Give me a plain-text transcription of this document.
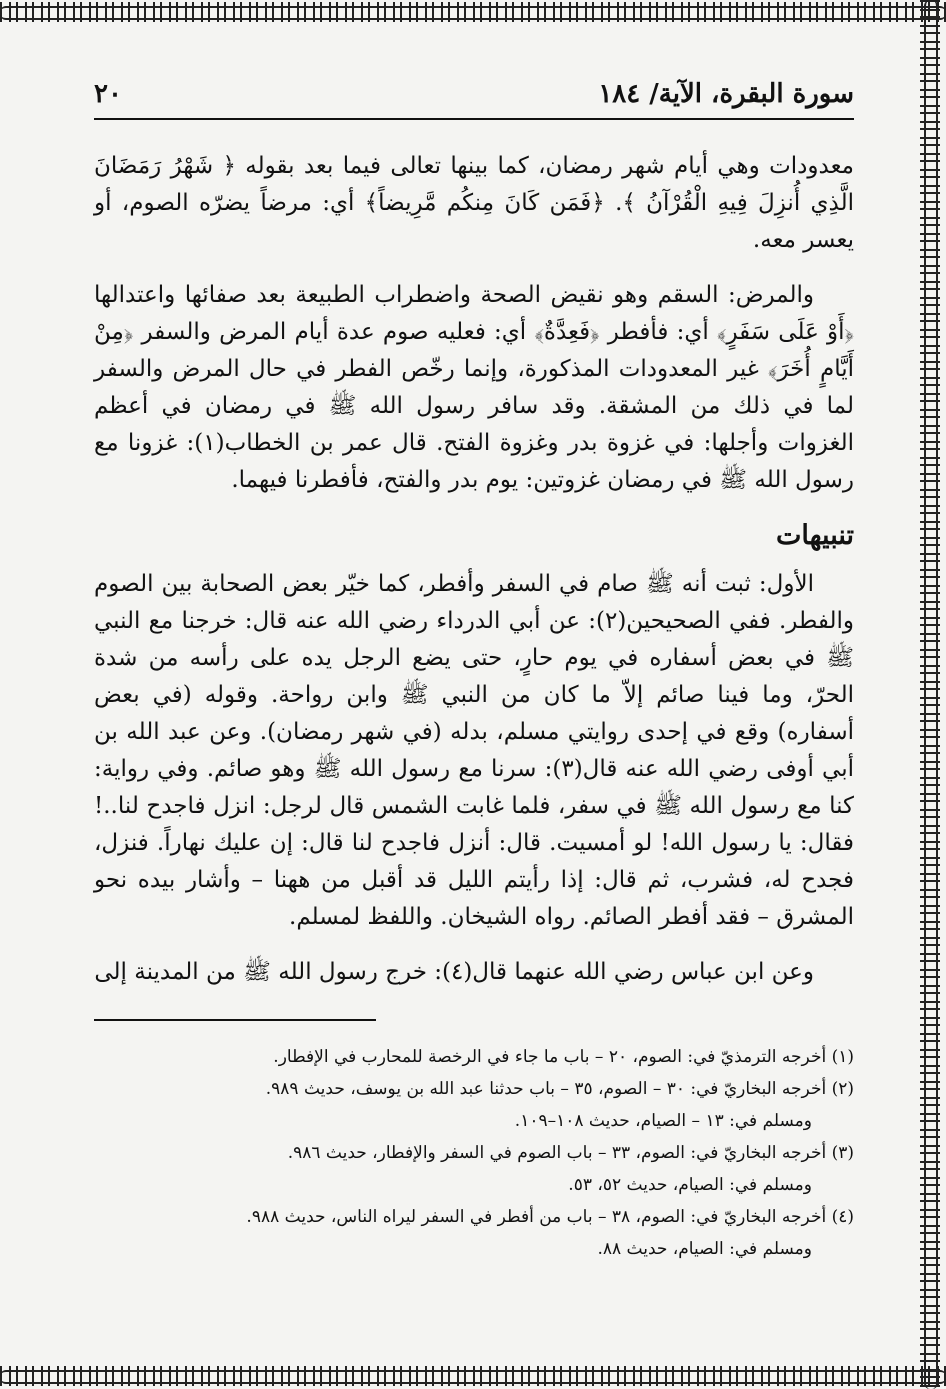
سورة البقرة، الآية/ ١٨٤
٢٠

معدودات وهي أيام شهر رمضان، كما بينها تعالى فيما بعد بقوله ﴿ شَهْرُ رَمَضَانَ الَّذِي أُنزِلَ فِيهِ الْقُرْآنُ ﴾. ﴿فَمَن كَانَ مِنكُم مَّرِيضاً﴾ أي: مرضاً يضرّه الصوم، أو يعسر معه.

والمرض: السقم وهو نقيض الصحة واضطراب الطبيعة بعد صفائها واعتدالها ﴿أَوْ عَلَى سَفَرٍ﴾ أي: فأفطر ﴿فَعِدَّةٌ﴾ أي: فعليه صوم عدة أيام المرض والسفر ﴿مِنْ أَيَّامٍ أُخَرَ﴾ غير المعدودات المذكورة، وإنما رخّص الفطر في حال المرض والسفر لما في ذلك من المشقة. وقد سافر رسول الله ﷺ في رمضان في أعظم الغزوات وأجلها: في غزوة بدر وغزوة الفتح. قال عمر بن الخطاب(١): غزونا مع رسول الله ﷺ في رمضان غزوتين: يوم بدر والفتح، فأفطرنا فيهما.

تنبيهات

الأول: ثبت أنه ﷺ صام في السفر وأفطر، كما خيّر بعض الصحابة بين الصوم والفطر. ففي الصحيحين(٢): عن أبي الدرداء رضي الله عنه قال: خرجنا مع النبي ﷺ في بعض أسفاره في يوم حارٍ، حتى يضع الرجل يده على رأسه من شدة الحرّ، وما فينا صائم إلاّ ما كان من النبي ﷺ وابن رواحة. وقوله (في بعض أسفاره) وقع في إحدى روايتي مسلم، بدله (في شهر رمضان). وعن عبد الله بن أبي أوفى رضي الله عنه قال(٣): سرنا مع رسول الله ﷺ وهو صائم. وفي رواية: كنا مع رسول الله ﷺ في سفر، فلما غابت الشمس قال لرجل: انزل فاجدح لنا..! فقال: يا رسول الله! لو أمسيت. قال: أنزل فاجدح لنا قال: إن عليك نهاراً. فنزل، فجدح له، فشرب، ثم قال: إذا رأيتم الليل قد أقبل من ههنا – وأشار بيده نحو المشرق – فقد أفطر الصائم. رواه الشيخان. واللفظ لمسلم.

وعن ابن عباس رضي الله عنهما قال(٤): خرج رسول الله ﷺ من المدينة إلى

(١) أخرجه الترمذيّ في: الصوم، ٢٠ – باب ما جاء في الرخصة للمحارب في الإفطار.

(٢) أخرجه البخاريّ في: ٣٠ – الصوم، ٣٥ – باب حدثنا عبد الله بن يوسف، حديث ٩٨٩.

ومسلم في: ١٣ – الصيام، حديث ١٠٨–١٠٩.

(٣) أخرجه البخاريّ في: الصوم، ٣٣ – باب الصوم في السفر والإفطار، حديث ٩٨٦.

ومسلم في: الصيام، حديث ٥٢، ٥٣.

(٤) أخرجه البخاريّ في: الصوم، ٣٨ – باب من أفطر في السفر ليراه الناس، حديث ٩٨٨.

ومسلم في: الصيام، حديث ٨٨.
